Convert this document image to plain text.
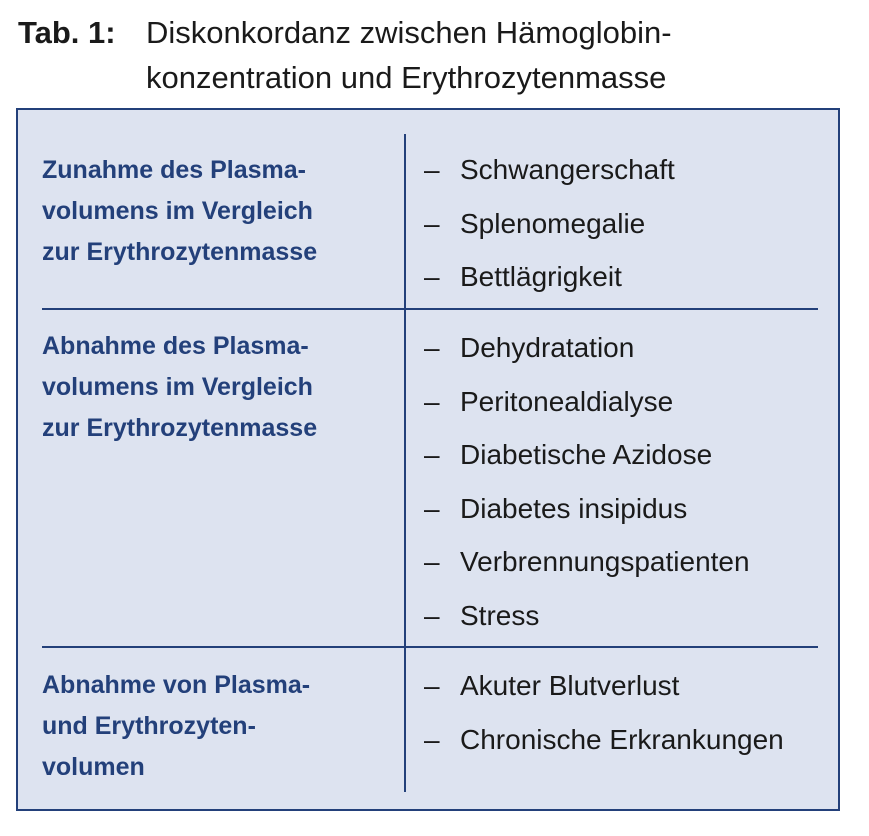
Tab. 1: Diskonkordanz zwischen Hämoglobin-
konzentration und Erythrozytenmasse
Zunahme des Plasma-
volumens im Vergleich
zur Erythrozytenmasse
– Schwangerschaft
– Splenomegalie
– Bettlägrigkeit
Abnahme des Plasma-
volumens im Vergleich
zur Erythrozytenmasse
– Dehydratation
– Peritonealdialyse
– Diabetische Azidose
– Diabetes insipidus
– Verbrennungspatienten
– Stress
Abnahme von Plasma-
und Erythrozyten-
volumen
– Akuter Blutverlust
– Chronische Erkrankungen
